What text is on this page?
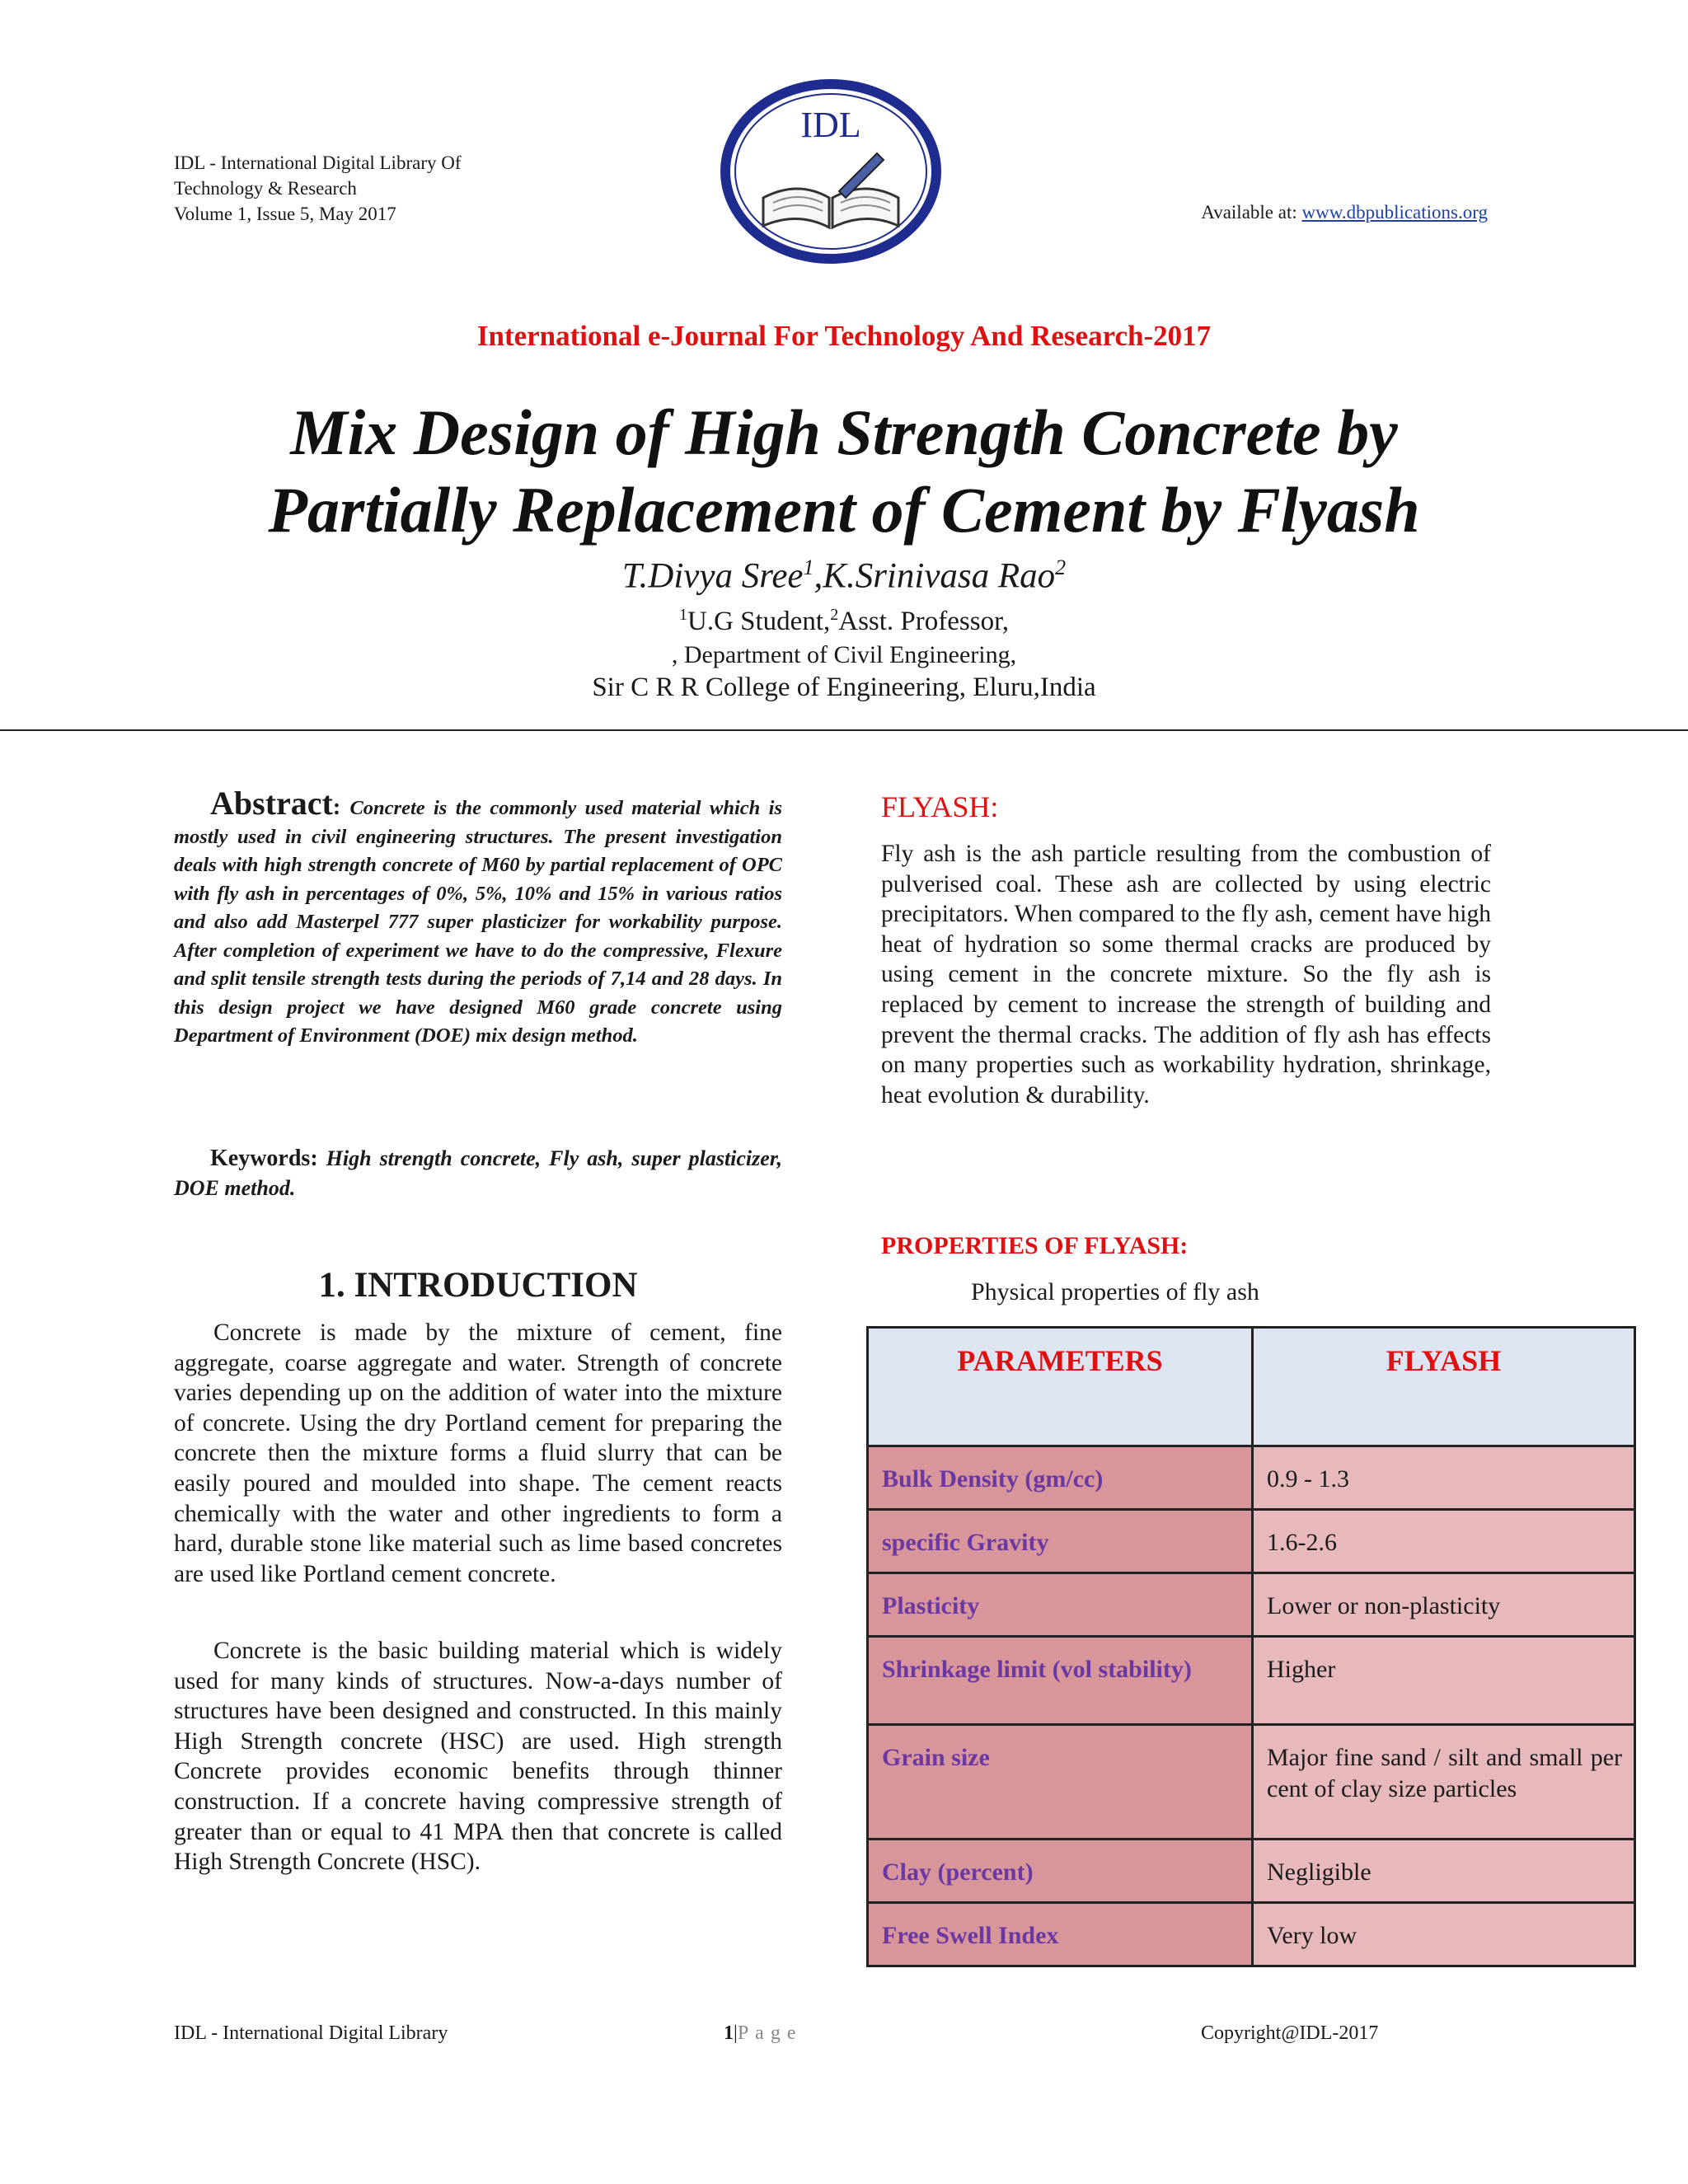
IDL - International Digital Library Of
Technology & Research
Volume 1, Issue 5, May 2017
IDL
Available at: www.dbpublications.org
International e-Journal For Technology And Research-2017
Mix Design of High Strength Concrete by
Partially Replacement of Cement by Flyash
T.Divya Sree$^1$,K.Srinivasa Rao$^2$
$^1$U.G Student,$^2$Asst. Professor,
, Department of Civil Engineering,
Sir C R R College of Engineering, Eluru,India
Abstract: Concrete is the commonly used material which is mostly used in civil engineering structures. The present investigation deals with high strength concrete of M60 by partial replacement of OPC with fly ash in percentages of 0%, 5%, 10% and 15% in various ratios and also add Masterpel 777 super plasticizer for workability purpose. After completion of experiment we have to do the compressive, Flexure and split tensile strength tests during the periods of 7,14 and 28 days. In this design project we have designed M60 grade concrete using Department of Environment (DOE) mix design method.
Keywords: High strength concrete, Fly ash, super plasticizer, DOE method.
1. INTRODUCTION

Concrete is made by the mixture of cement, fine aggregate, coarse aggregate and water. Strength of concrete varies depending up on the addition of water into the mixture of concrete. Using the dry Portland cement for preparing the concrete then the mixture forms a fluid slurry that can be easily poured and moulded into shape. The cement reacts chemically with the water and other ingredients to form a hard, durable stone like material such as lime based concretes are used like Portland cement concrete.

Concrete is the basic building material which is widely used for many kinds of structures. Now-a-days number of structures have been designed and constructed. In this mainly High Strength concrete (HSC) are used. High strength Concrete provides economic benefits through thinner construction. If a concrete having compressive strength of greater than or equal to 41 MPA then that concrete is called High Strength Concrete (HSC).

FLYASH:

Fly ash is the ash particle resulting from the combustion of pulverised coal. These ash are collected by using electric precipitators. When compared to the fly ash, cement have high heat of hydration so some thermal cracks are produced by using cement in the concrete mixture. So the fly ash is replaced by cement to increase the strength of building and prevent the thermal cracks. The addition of fly ash has effects on many properties such as workability hydration, shrinkage, heat evolution & durability.

PROPERTIES OF FLYASH:
Physical properties of fly ash
PARAMETERS	FLYASH
Bulk Density (gm/cc)	0.9 - 1.3
specific Gravity	1.6-2.6
Plasticity	Lower or non-plasticity
Shrinkage limit (vol stability)	Higher
Grain size	Major fine sand / silt and small per cent of clay size particles
Clay (percent)	Negligible
Free Swell Index	Very low
IDL - International Digital Library	1|Page	Copyright@IDL-2017
